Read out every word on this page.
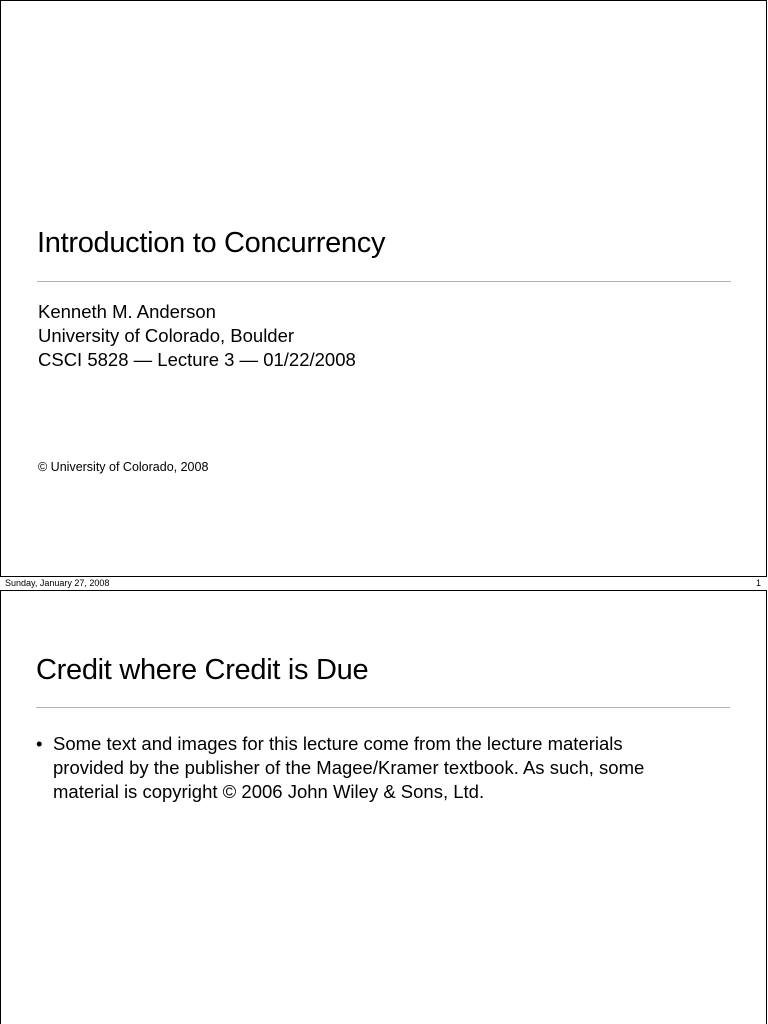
Introduction to Concurrency
Kenneth M. Anderson
University of Colorado, Boulder
CSCI 5828 — Lecture 3 — 01/22/2008
© University of Colorado, 2008
Sunday, January 27, 2008	1
Credit where Credit is Due
• Some text and images for this lecture come from the lecture materials
provided by the publisher of the Magee/Kramer textbook. As such, some
material is copyright © 2006 John Wiley & Sons, Ltd.
